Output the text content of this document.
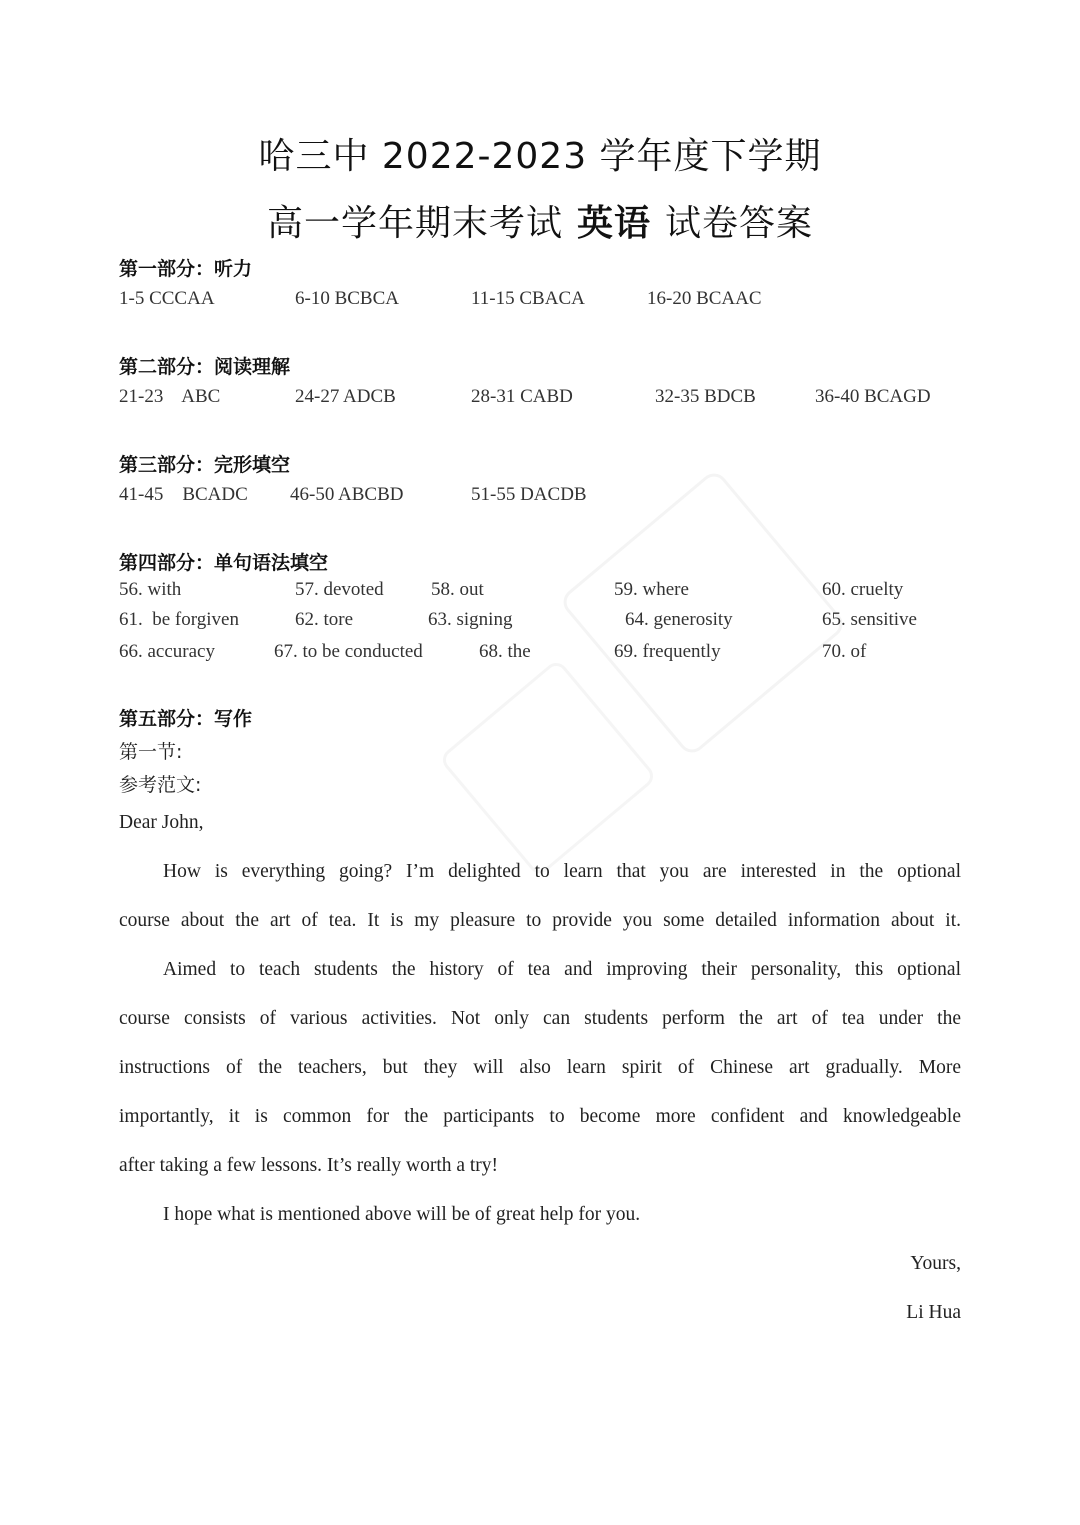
哈三中 2022-2023 学年度下学期
高一学年期末考试 英语 试卷答案
第一部分：听力
1-5 CCCAA	6-10 BCBCA	11-15 CBACA	16-20 BCAAC
第二部分：阅读理解
21-23    ABC	24-27 ADCB	28-31 CABD	32-35 BDCB	36-40 BCAGD
第三部分：完形填空
41-45    BCADC 46-50 ABCBD	51-55 DACDB
第四部分：单句语法填空
56. with	57. devoted 58. out	59. where	60. cruelty
61.  be forgiven	62. tore	63. signing	64. generosity	65. sensitive
66. accuracy	67. to be conducted	68. the	69. frequently	70. of
第五部分：写作
第一节:
参考范文:
Dear John,
How is everything going? I’m delighted to learn that you are interested in the optional
course about the art of tea. It is my pleasure to provide you some detailed information about it.
Aimed to teach students the history of tea and improving their personality, this optional
course consists of various activities. Not only can students perform the art of tea under the
instructions of the teachers, but they will also learn spirit of Chinese art gradually. More
importantly, it is common for the participants to become more confident and knowledgeable
after taking a few lessons. It’s really worth a try!
I hope what is mentioned above will be of great help for you.
Yours,
Li Hua
